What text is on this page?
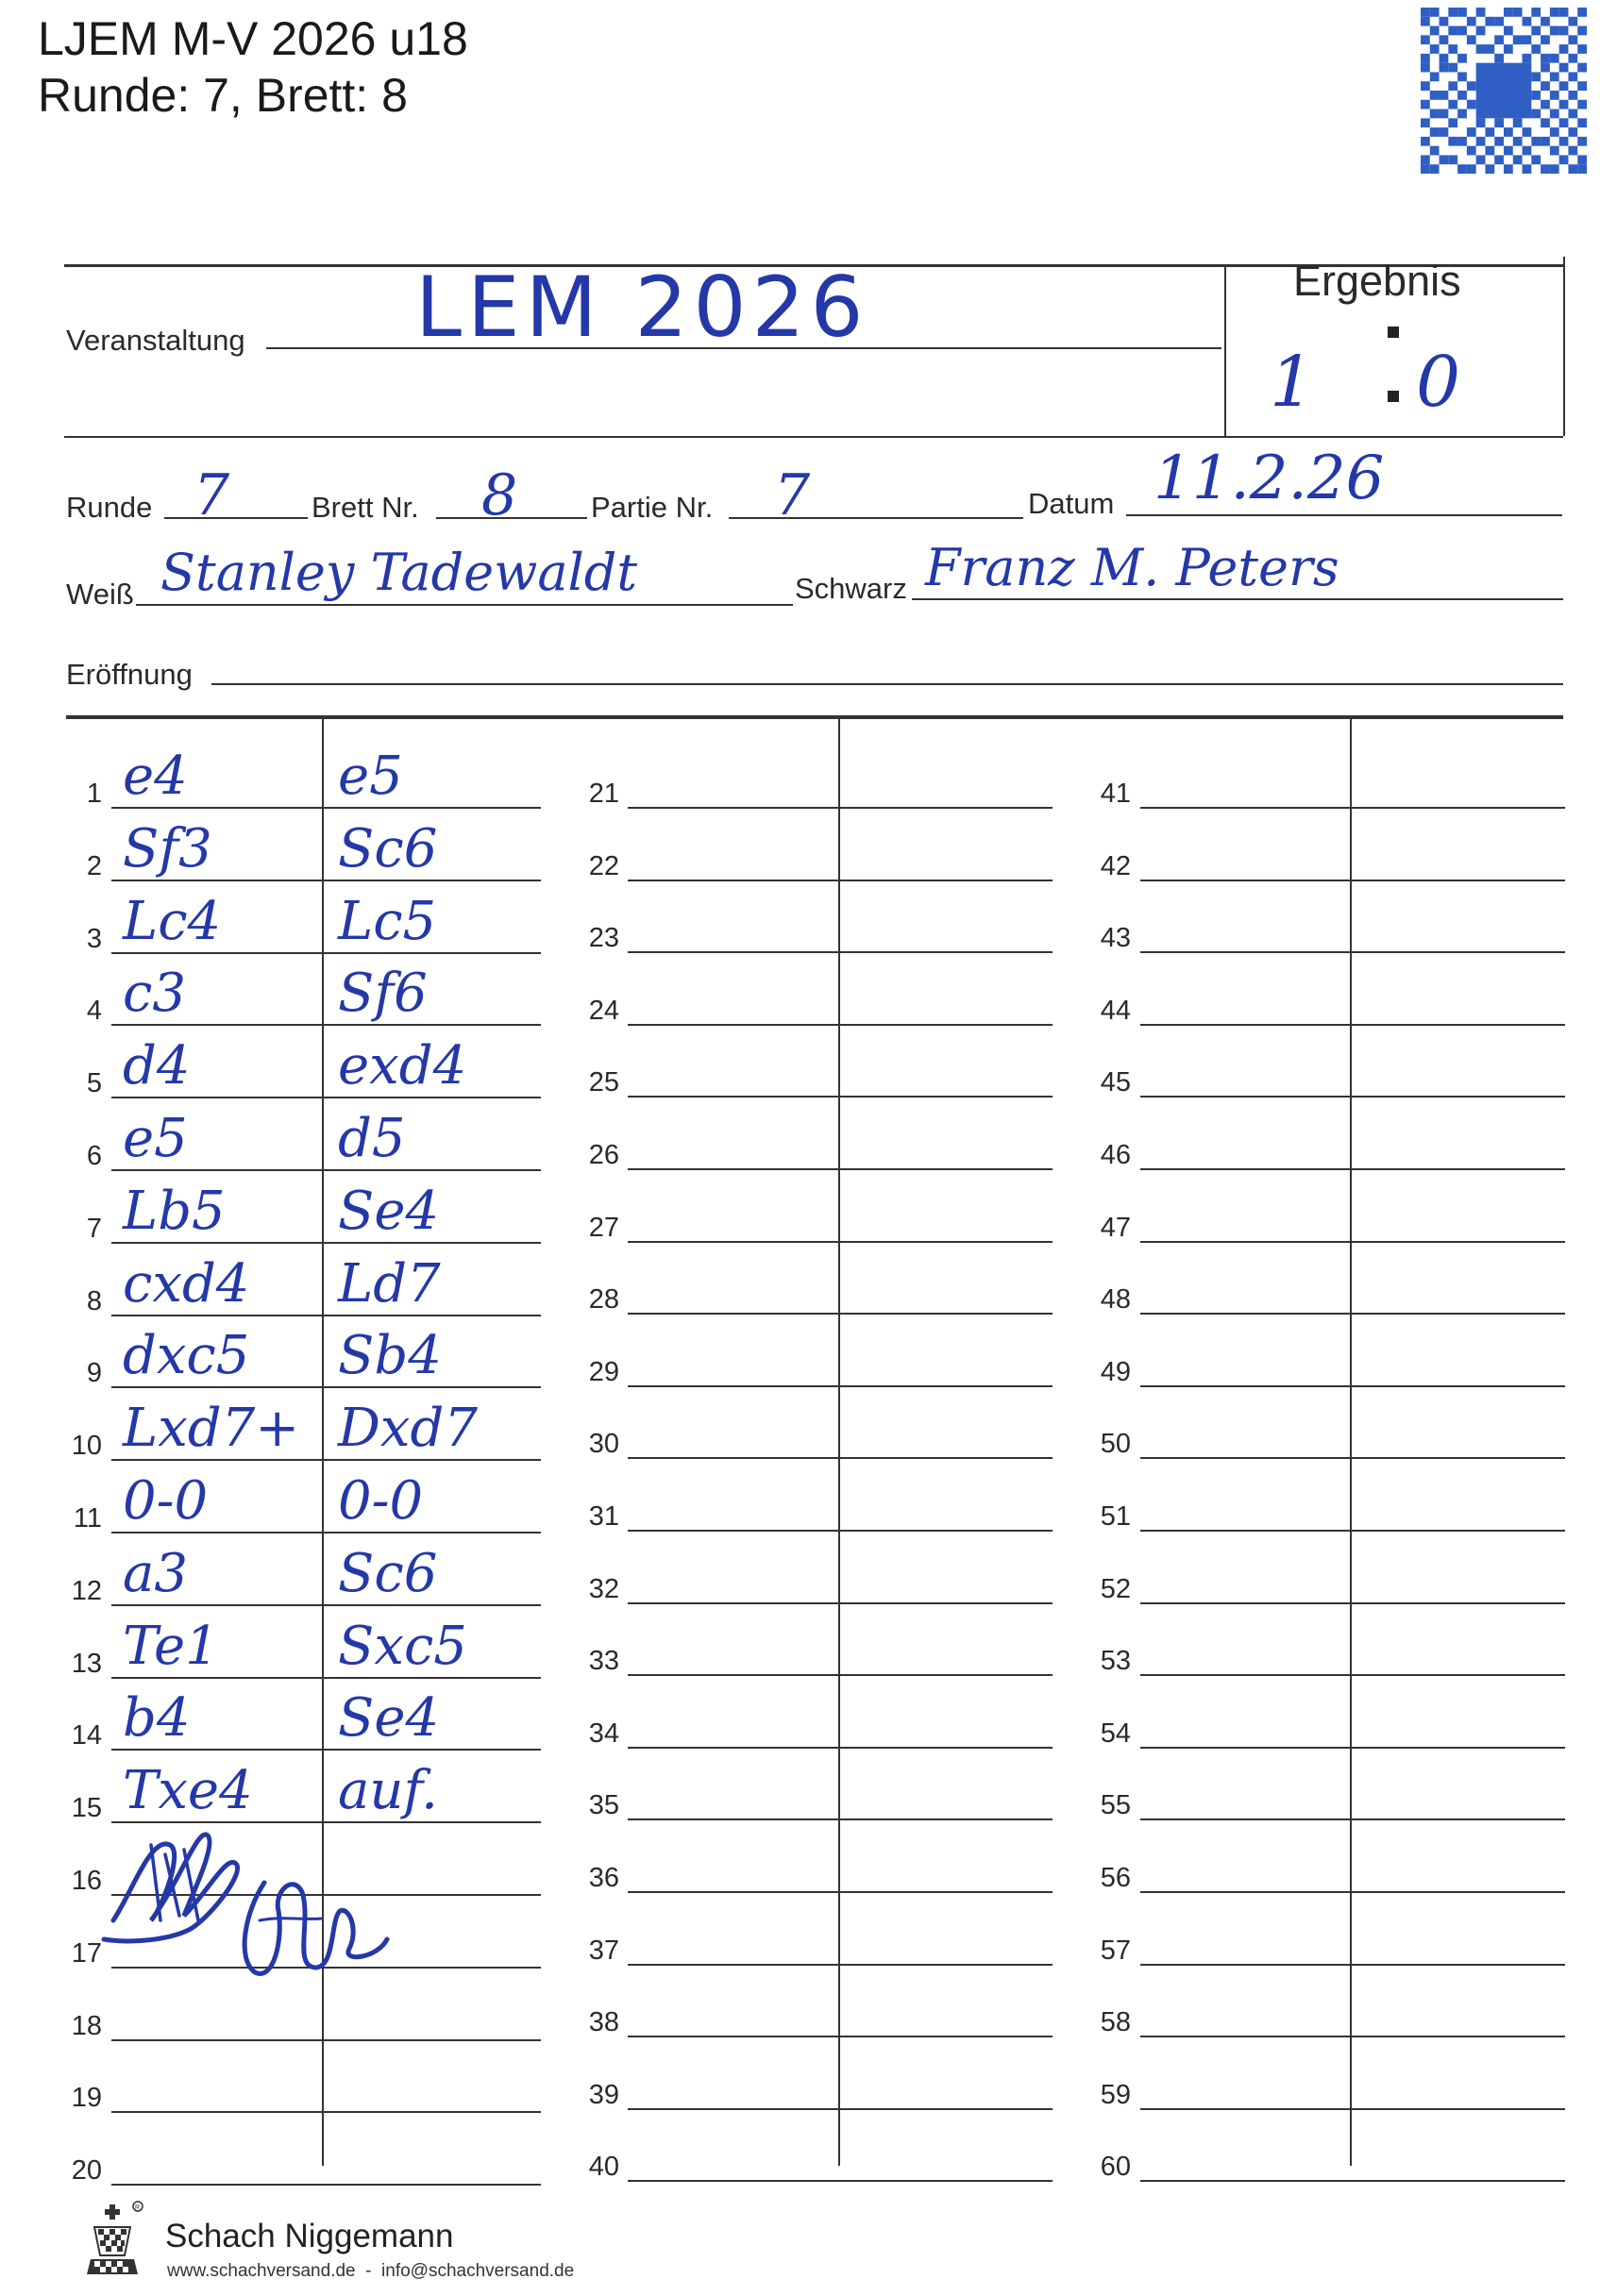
LJEM M-V 2026 u18
Runde: 7, Brett: 8
Veranstaltung LEM 2026	Ergebnis
1 0
Runde 7	Brett Nr. 8	Partie Nr. 7	Datum 11.2.26
Weiß Stanley Tadewaldt	Schwarz Franz M. Peters
Eröffnung
1 e4	e5
2 Sf3 Sc6
3 Lc4 Lc5
4 c3	Sf6
5 d4	exd4
6 e5	d5
7 Lb5 Se4
8 cxd4 Ld7
9 dxc5 Sb4
10 Lxd7+ Dxd7
11 0-0 0-0
12 a3	Sc6
13 Te1 Sxc5
14 b4	Se4
15 Txe4 auf.
16
17
18
19
20
21
22
23
24
25
26
27
28
29
30
31
32
33
34
35
36
37
38
39
40
41
42
43
44
45
46
47
48
49
50
51
52
53
54
55
56
57
58
59
60
R
Schach Niggemann
www.schachversand.de  -  info@schachversand.de
